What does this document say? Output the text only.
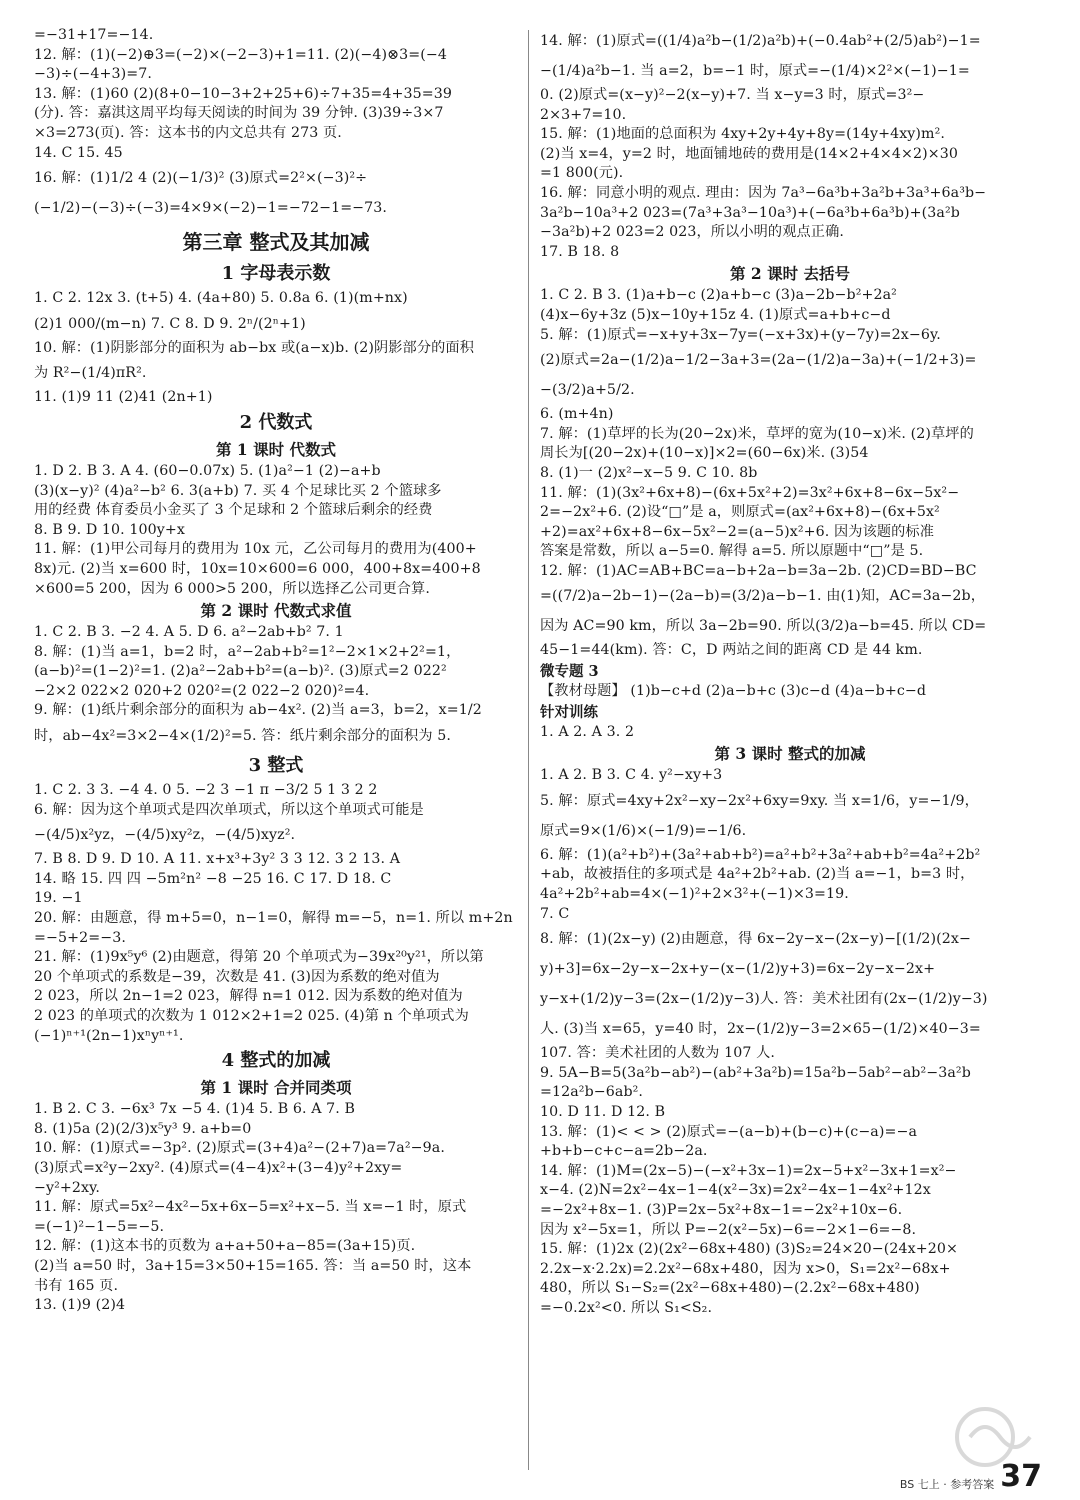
=−31+17=−14.
12. 解：(1)(−2)⊕3=(−2)×(−2−3)+1=11. (2)(−4)⊗3=(−4
−3)÷(−4+3)=7.
13. 解：(1)60 (2)(8+0−10−3+2+25+6)÷7+35=4+35=39
(分). 答：嘉淇这周平均每天阅读的时间为 39 分钟. (3)39÷3×7
×3=273(页). 答：这本书的内文总共有 273 页.
14. C 15. 45
16. 解：(1)1/2 4 (2)(−1/3)² (3)原式=2²×(−3)²÷
(−1/2)−(−3)÷(−3)=4×9×(−2)−1=−72−1=−73.
第三章 整式及其加减
1 字母表示数
1. C 2. 12x 3. (t+5) 4. (4a+80) 5. 0.8a 6. (1)(m+nx)
(2)1 000/(m−n) 7. C 8. D 9. 2ⁿ/(2ⁿ+1)
10. 解：(1)阴影部分的面积为 ab−bx 或(a−x)b. (2)阴影部分的面积
为 R²−(1/4)πR².
11. (1)9 11 (2)41 (2n+1)
2 代数式
第 1 课时 代数式
1. D 2. B 3. A 4. (60−0.07x) 5. (1)a²−1 (2)−a+b
(3)(x−y)² (4)a²−b² 6. 3(a+b) 7. 买 4 个足球比买 2 个篮球多
用的经费 体育委员小金买了 3 个足球和 2 个篮球后剩余的经费
8. B 9. D 10. 100y+x
11. 解：(1)甲公司每月的费用为 10x 元，乙公司每月的费用为(400+
8x)元. (2)当 x=600 时，10x=10×600=6 000，400+8x=400+8
×600=5 200，因为 6 000>5 200，所以选择乙公司更合算.
第 2 课时 代数式求值
1. C 2. B 3. −2 4. A 5. D 6. a²−2ab+b² 7. 1
8. 解：(1)当 a=1，b=2 时，a²−2ab+b²=1²−2×1×2+2²=1，
(a−b)²=(1−2)²=1. (2)a²−2ab+b²=(a−b)². (3)原式=2 022²
−2×2 022×2 020+2 020²=(2 022−2 020)²=4.
9. 解：(1)纸片剩余部分的面积为 ab−4x². (2)当 a=3，b=2，x=1/2
时，ab−4x²=3×2−4×(1/2)²=5. 答：纸片剩余部分的面积为 5.
3 整式
1. C 2. 3 3. −4 4. 0 5. −2 3 −1 π −3/2 5 1 3 2 2
6. 解：因为这个单项式是四次单项式，所以这个单项式可能是
−(4/5)x²yz，−(4/5)xy²z，−(4/5)xyz².
7. B 8. D 9. D 10. A 11. x+x³+3y² 3 3 12. 3 2 13. A
14. 略 15. 四 四 −5m²n² −8 −25 16. C 17. D 18. C
19. −1
20. 解：由题意，得 m+5=0，n−1=0，解得 m=−5，n=1. 所以 m+2n
=−5+2=−3.
21. 解：(1)9x⁵y⁶ (2)由题意，得第 20 个单项式为−39x²⁰y²¹，所以第
20 个单项式的系数是−39，次数是 41. (3)因为系数的绝对值为
2 023，所以 2n−1=2 023，解得 n=1 012. 因为系数的绝对值为
2 023 的单项式的次数为 1 012×2+1=2 025. (4)第 n 个单项式为
(−1)ⁿ⁺¹(2n−1)xⁿyⁿ⁺¹.
4 整式的加减
第 1 课时 合并同类项
1. B 2. C 3. −6x³ 7x −5 4. (1)4 5. B 6. A 7. B
8. (1)5a (2)(2/3)x⁵y³ 9. a+b=0
10. 解：(1)原式=−3p². (2)原式=(3+4)a²−(2+7)a=7a²−9a.
(3)原式=x²y−2xy². (4)原式=(4−4)x²+(3−4)y²+2xy=
−y²+2xy.
11. 解：原式=5x²−4x²−5x+6x−5=x²+x−5. 当 x=−1 时，原式
=(−1)²−1−5=−5.
12. 解：(1)这本书的页数为 a+a+50+a−85=(3a+15)页.
(2)当 a=50 时，3a+15=3×50+15=165. 答：当 a=50 时，这本
书有 165 页.
13. (1)9 (2)4
14. 解：(1)原式=((1/4)a²b−(1/2)a²b)+(−0.4ab²+(2/5)ab²)−1=
−(1/4)a²b−1. 当 a=2，b=−1 时，原式=−(1/4)×2²×(−1)−1=
0. (2)原式=(x−y)²−2(x−y)+7. 当 x−y=3 时，原式=3²−
2×3+7=10.
15. 解：(1)地面的总面积为 4xy+2y+4y+8y=(14y+4xy)m².
(2)当 x=4，y=2 时，地面铺地砖的费用是(14×2+4×4×2)×30
=1 800(元).
16. 解：同意小明的观点. 理由：因为 7a³−6a³b+3a²b+3a³+6a³b−
3a²b−10a³+2 023=(7a³+3a³−10a³)+(−6a³b+6a³b)+(3a²b
−3a²b)+2 023=2 023，所以小明的观点正确.
17. B 18. 8
第 2 课时 去括号
1. C 2. B 3. (1)a+b−c (2)a+b−c (3)a−2b−b²+2a²
(4)x−6y+3z (5)x−10y+15z 4. (1)原式=a+b+c−d
5. 解：(1)原式=−x+y+3x−7y=(−x+3x)+(y−7y)=2x−6y.
(2)原式=2a−(1/2)a−1/2−3a+3=(2a−(1/2)a−3a)+(−1/2+3)=
−(3/2)a+5/2.
6. (m+4n)
7. 解：(1)草坪的长为(20−2x)米，草坪的宽为(10−x)米. (2)草坪的
周长为[(20−2x)+(10−x)]×2=(60−6x)米. (3)54
8. (1)一 (2)x²−x−5 9. C 10. 8b
11. 解：(1)(3x²+6x+8)−(6x+5x²+2)=3x²+6x+8−6x−5x²−
2=−2x²+6. (2)设“□”是 a，则原式=(ax²+6x+8)−(6x+5x²
+2)=ax²+6x+8−6x−5x²−2=(a−5)x²+6. 因为该题的标准
答案是常数，所以 a−5=0. 解得 a=5. 所以原题中“□”是 5.
12. 解：(1)AC=AB+BC=a−b+2a−b=3a−2b. (2)CD=BD−BC
=((7/2)a−2b−1)−(2a−b)=(3/2)a−b−1. 由(1)知，AC=3a−2b，
因为 AC=90 km，所以 3a−2b=90. 所以(3/2)a−b=45. 所以 CD=
45−1=44(km). 答：C，D 两站之间的距离 CD 是 44 km.
微专题 3
【教材母题】 (1)b−c+d (2)a−b+c (3)c−d (4)a−b+c−d
针对训练
1. A 2. A 3. 2
第 3 课时 整式的加减
1. A 2. B 3. C 4. y²−xy+3
5. 解：原式=4xy+2x²−xy−2x²+6xy=9xy. 当 x=1/6，y=−1/9，
原式=9×(1/6)×(−1/9)=−1/6.
6. 解：(1)(a²+b²)+(3a²+ab+b²)=a²+b²+3a²+ab+b²=4a²+2b²
+ab，故被捂住的多项式是 4a²+2b²+ab. (2)当 a=−1，b=3 时，
4a²+2b²+ab=4×(−1)²+2×3²+(−1)×3=19.
7. C
8. 解：(1)(2x−y) (2)由题意，得 6x−2y−x−(2x−y)−[(1/2)(2x−
y)+3]=6x−2y−x−2x+y−(x−(1/2)y+3)=6x−2y−x−2x+
y−x+(1/2)y−3=(2x−(1/2)y−3)人. 答：美术社团有(2x−(1/2)y−3)
人. (3)当 x=65，y=40 时，2x−(1/2)y−3=2×65−(1/2)×40−3=
107. 答：美术社团的人数为 107 人.
9. 5A−B=5(3a²b−ab²)−(ab²+3a²b)=15a²b−5ab²−ab²−3a²b
=12a²b−6ab².
10. D 11. D 12. B
13. 解：(1)< < > (2)原式=−(a−b)+(b−c)+(c−a)=−a
+b+b−c+c−a=2b−2a.
14. 解：(1)M=(2x−5)−(−x²+3x−1)=2x−5+x²−3x+1=x²−
x−4. (2)N=2x²−4x−1−4(x²−3x)=2x²−4x−1−4x²+12x
=−2x²+8x−1. (3)P=2x−5x²+8x−1=−2x²+10x−6.
因为 x²−5x=1，所以 P=−2(x²−5x)−6=−2×1−6=−8.
15. 解：(1)2x (2)(2x²−68x+480) (3)S₂=24×20−(24x+20×
2.2x−x·2.2x)=2.2x²−68x+480，因为 x>0，S₁=2x²−68x+
480，所以 S₁−S₂=(2x²−68x+480)−(2.2x²−68x+480)
=−0.2x²<0. 所以 S₁<S₂.
BS 七上 · 参考答案 37
